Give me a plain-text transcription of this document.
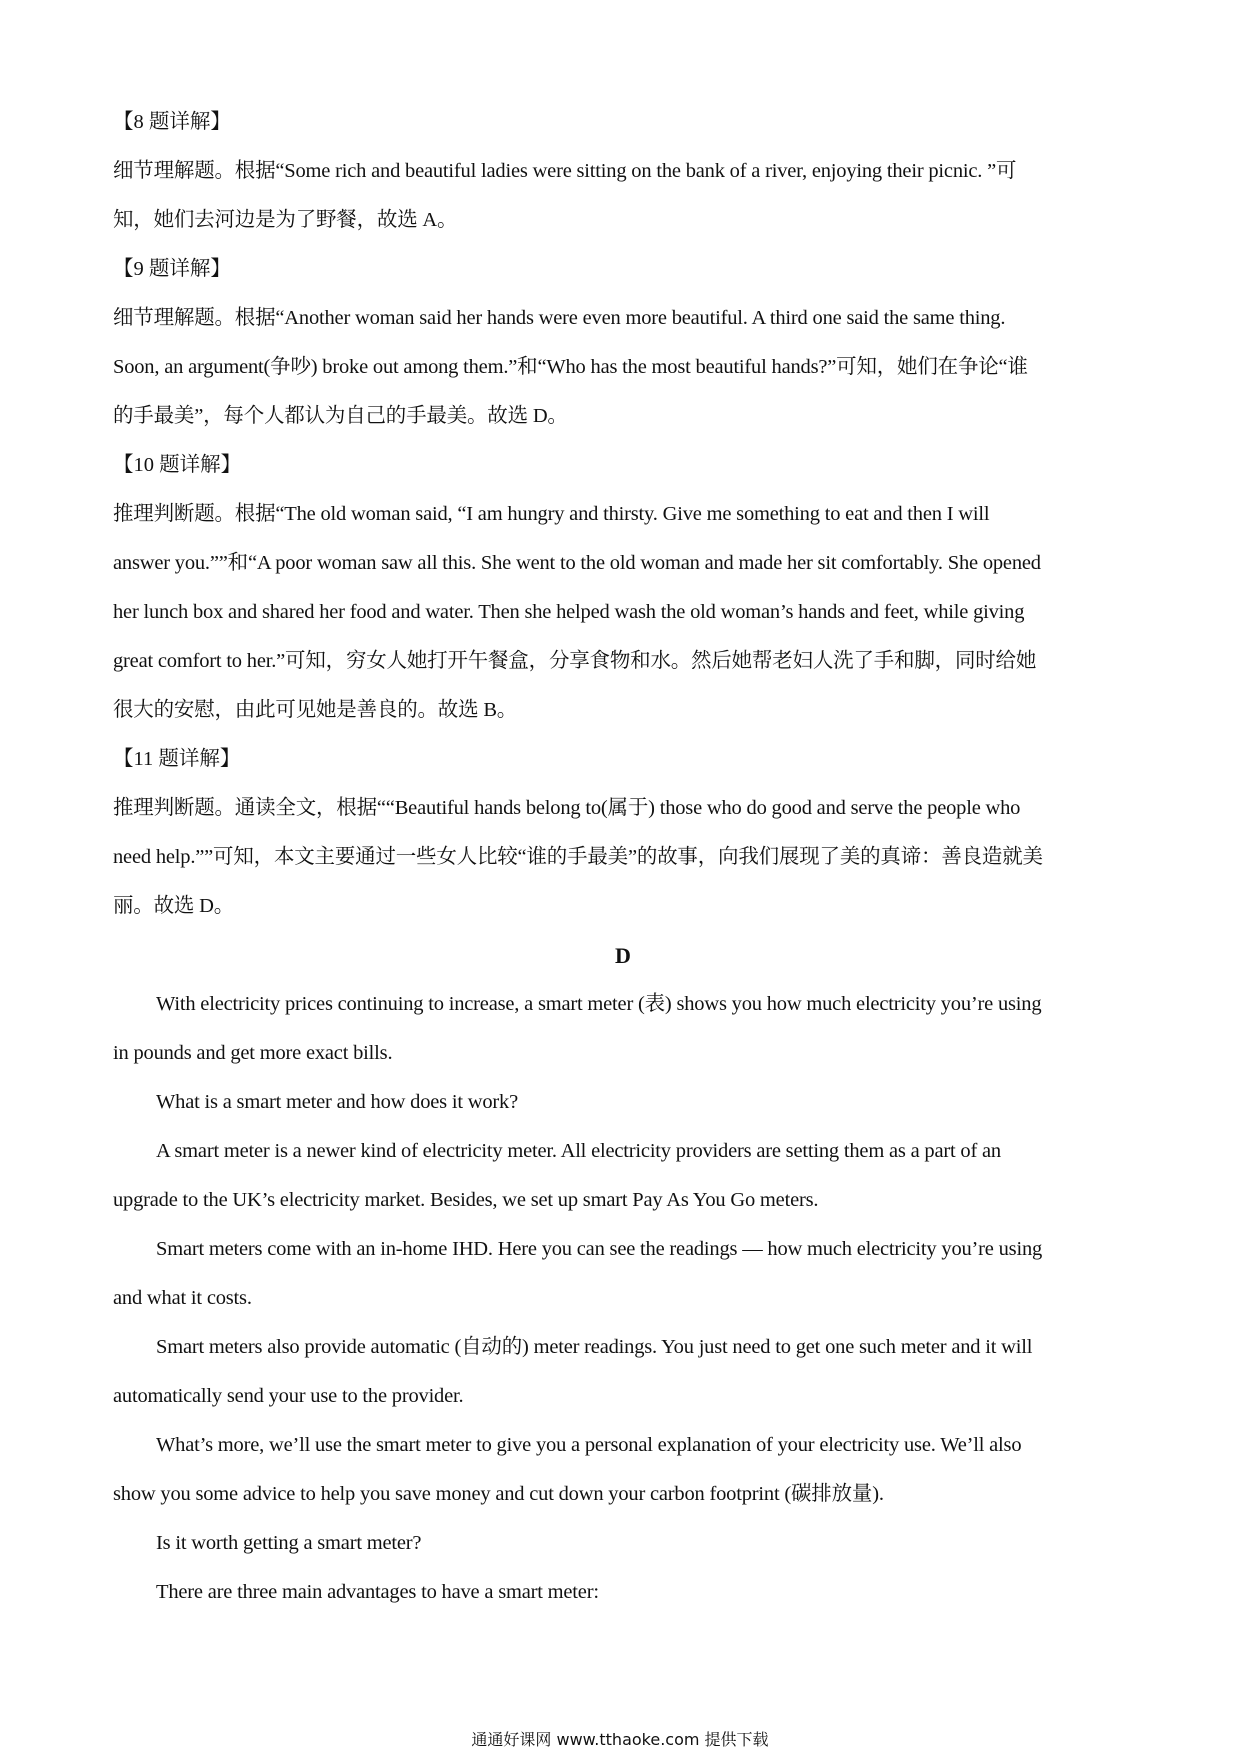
【8 题详解】
细节理解题。根据“Some rich and beautiful ladies were sitting on the bank of a river, enjoying their picnic. ”可
知，她们去河边是为了野餐，故选 A。
【9 题详解】
细节理解题。根据“Another woman said her hands were even more beautiful. A third one said the same thing.
Soon, an argument(争吵) broke out among them.”和“Who has the most beautiful hands?”可知，她们在争论“谁
的手最美”，每个人都认为自己的手最美。故选 D。
【10 题详解】
推理判断题。根据“The old woman said, “I am hungry and thirsty. Give me something to eat and then I will
answer you.””和“A poor woman saw all this. She went to the old woman and made her sit comfortably. She opened
her lunch box and shared her food and water. Then she helped wash the old woman’s hands and feet, while giving
great comfort to her.”可知，穷女人她打开午餐盒，分享食物和水。然后她帮老妇人洗了手和脚，同时给她
很大的安慰，由此可见她是善良的。故选 B。
【11 题详解】
推理判断题。通读全文，根据““Beautiful hands belong to(属于) those who do good and serve the people who
need help.””可知，本文主要通过一些女人比较“谁的手最美”的故事，向我们展现了美的真谛：善良造就美
丽。故选 D。
D
With electricity prices continuing to increase, a smart meter (表) shows you how much electricity you’re using
in pounds and get more exact bills.
What is a smart meter and how does it work?
A smart meter is a newer kind of electricity meter. All electricity providers are setting them as a part of an
upgrade to the UK’s electricity market. Besides, we set up smart Pay As You Go meters.
Smart meters come with an in-home IHD. Here you can see the readings — how much electricity you’re using
and what it costs.
Smart meters also provide automatic (自动的) meter readings. You just need to get one such meter and it will
automatically send your use to the provider.
What’s more, we’ll use the smart meter to give you a personal explanation of your electricity use. We’ll also
show you some advice to help you save money and cut down your carbon footprint (碳排放量).
Is it worth getting a smart meter?
There are three main advantages to have a smart meter:
通通好课网 www.tthaoke.com 提供下载
